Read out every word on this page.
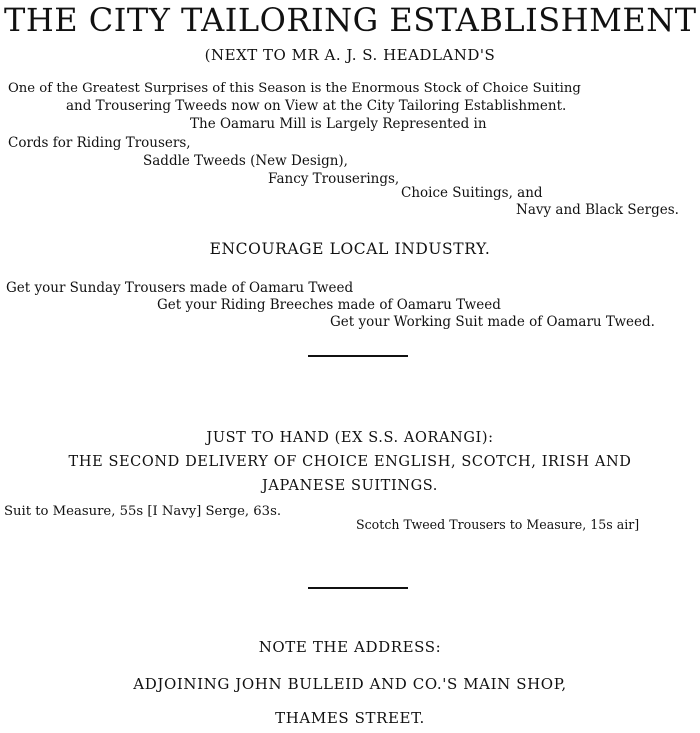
THE CITY TAILORING ESTABLISHMENT
(NEXT TO MR A. J. S. HEADLAND'S
One of the Greatest Surprises of this Season is the Enormous Stock of Choice Suiting
and Trousering Tweeds now on View at the City Tailoring Establishment.
The Oamaru Mill is Largely Represented in
Cords for Riding Trousers,
Saddle Tweeds (New Design),
Fancy Trouserings,
Choice Suitings, and
Navy and Black Serges.
ENCOURAGE LOCAL INDUSTRY.
Get your Sunday Trousers made of Oamaru Tweed
Get your Riding Breeches made of Oamaru Tweed
Get your Working Suit made of Oamaru Tweed.
JUST TO HAND (EX S.S. AORANGI):
THE SECOND DELIVERY OF CHOICE ENGLISH, SCOTCH, IRISH AND
JAPANESE SUITINGS.
Suit to Measure, 55s [I Navy] Serge, 63s.
Scotch Tweed Trousers to Measure, 15s air]
NOTE THE ADDRESS:
ADJOINING JOHN BULLEID AND CO.'S MAIN SHOP,
THAMES STREET.
